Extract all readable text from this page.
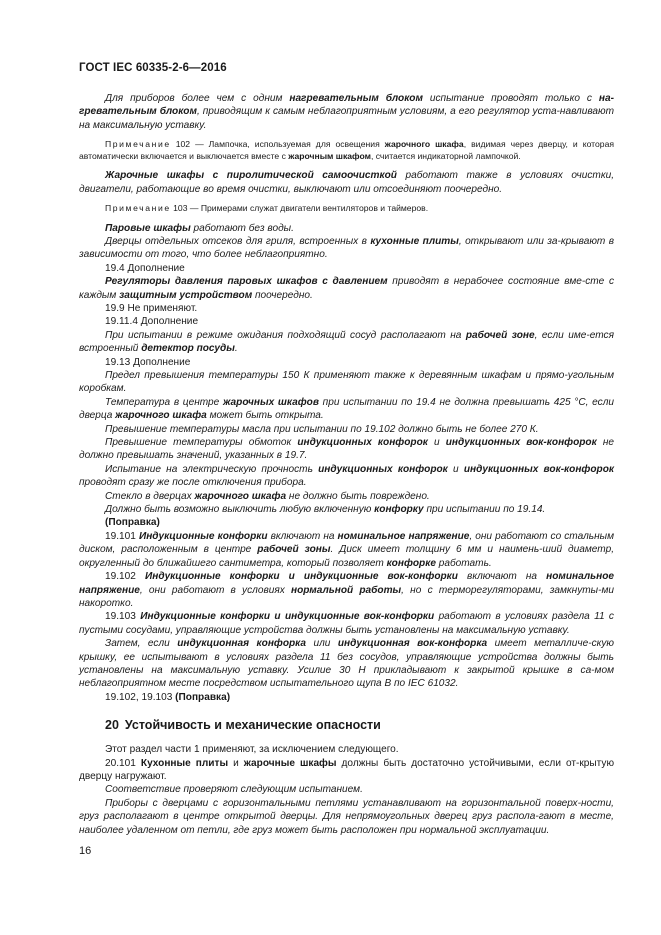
ГОСТ IEC 60335-2-6—2016

Для приборов более чем с одним нагревательным блоком испытание проводят только с на-гревательным блоком, приводящим к самым неблагоприятным условиям, а его регулятор уста-навливают на максимальную уставку.

Примечание 102 — Лампочка, используемая для освещения жарочного шкафа, видимая через дверцу, и которая автоматически включается и выключается вместе с жарочным шкафом, считается индикаторной лампочкой.

Жарочные шкафы с пиролитической самоочисткой работают также в условиях очистки, двигатели, работающие во время очистки, выключают или отсоединяют поочередно.

Примечание 103 — Примерами служат двигатели вентиляторов и таймеров.

Паровые шкафы работают без воды.

Дверцы отдельных отсеков для гриля, встроенных в кухонные плиты, открывают или за-крывают в зависимости от того, что более неблагоприятно.

19.4 Дополнение

Регуляторы давления паровых шкафов с давлением приводят в нерабочее состояние вме-сте с каждым защитным устройством поочередно.

19.9 Не применяют.

19.11.4 Дополнение

При испытании в режиме ожидания подходящий сосуд располагают на рабочей зоне, если име-ется встроенный детектор посуды.

19.13 Дополнение

Предел превышения температуры 150 К применяют также к деревянным шкафам и прямо-угольным коробкам.

Температура в центре жарочных шкафов при испытании по 19.4 не должна превышать 425 °С, если дверца жарочного шкафа может быть открыта.

Превышение температуры масла при испытании по 19.102 должно быть не более 270 К.

Превышение температуры обмоток индукционных конфорок и индукционных вок-конфорок не должно превышать значений, указанных в 19.7.

Испытание на электрическую прочность индукционных конфорок и индукционных вок-конфорок проводят сразу же после отключения прибора.

Стекло в дверцах жарочного шкафа не должно быть повреждено.

Должно быть возможно выключить любую включенную конфорку при испытании по 19.14.

(Поправка)

19.101 Индукционные конфорки включают на номинальное напряжение, они работают со стальным диском, расположенным в центре рабочей зоны. Диск имеет толщину 6 мм и наимень-ший диаметр, округленный до ближайшего сантиметра, который позволяет конфорке работать.

19.102 Индукционные конфорки и индукционные вок-конфорки включают на номинальное напряжение, они работают в условиях нормальной работы, но с терморегуляторами, замкнуты-ми накоротко.

19.103 Индукционные конфорки и индукционные вок-конфорки работают в условиях раздела 11 с пустыми сосудами, управляющие устройства должны быть установлены на максимальную уставку.

Затем, если индукционная конфорка или индукционная вок-конфорка имеет металличе-скую крышку, ее испытывают в условиях раздела 11 без сосудов, управляющие устройства должны быть установлены на максимальную уставку. Усилие 30 Н прикладывают к закрытой крышке в са-мом неблагоприятном месте посредством испытательного щупа В по IEC 61032.

19.102, 19.103 (Поправка)

20 Устойчивость и механические опасности

Этот раздел части 1 применяют, за исключением следующего.

20.101 Кухонные плиты и жарочные шкафы должны быть достаточно устойчивыми, если от-крытую дверцу нагружают.

Соответствие проверяют следующим испытанием.

Приборы с дверцами с горизонтальными петлями устанавливают на горизонтальной поверх-ности, груз располагают в центре открытой дверцы. Для непрямоугольных дверец груз распола-гают в месте, наиболее удаленном от петли, где груз может быть расположен при нормальной эксплуатации.

16
